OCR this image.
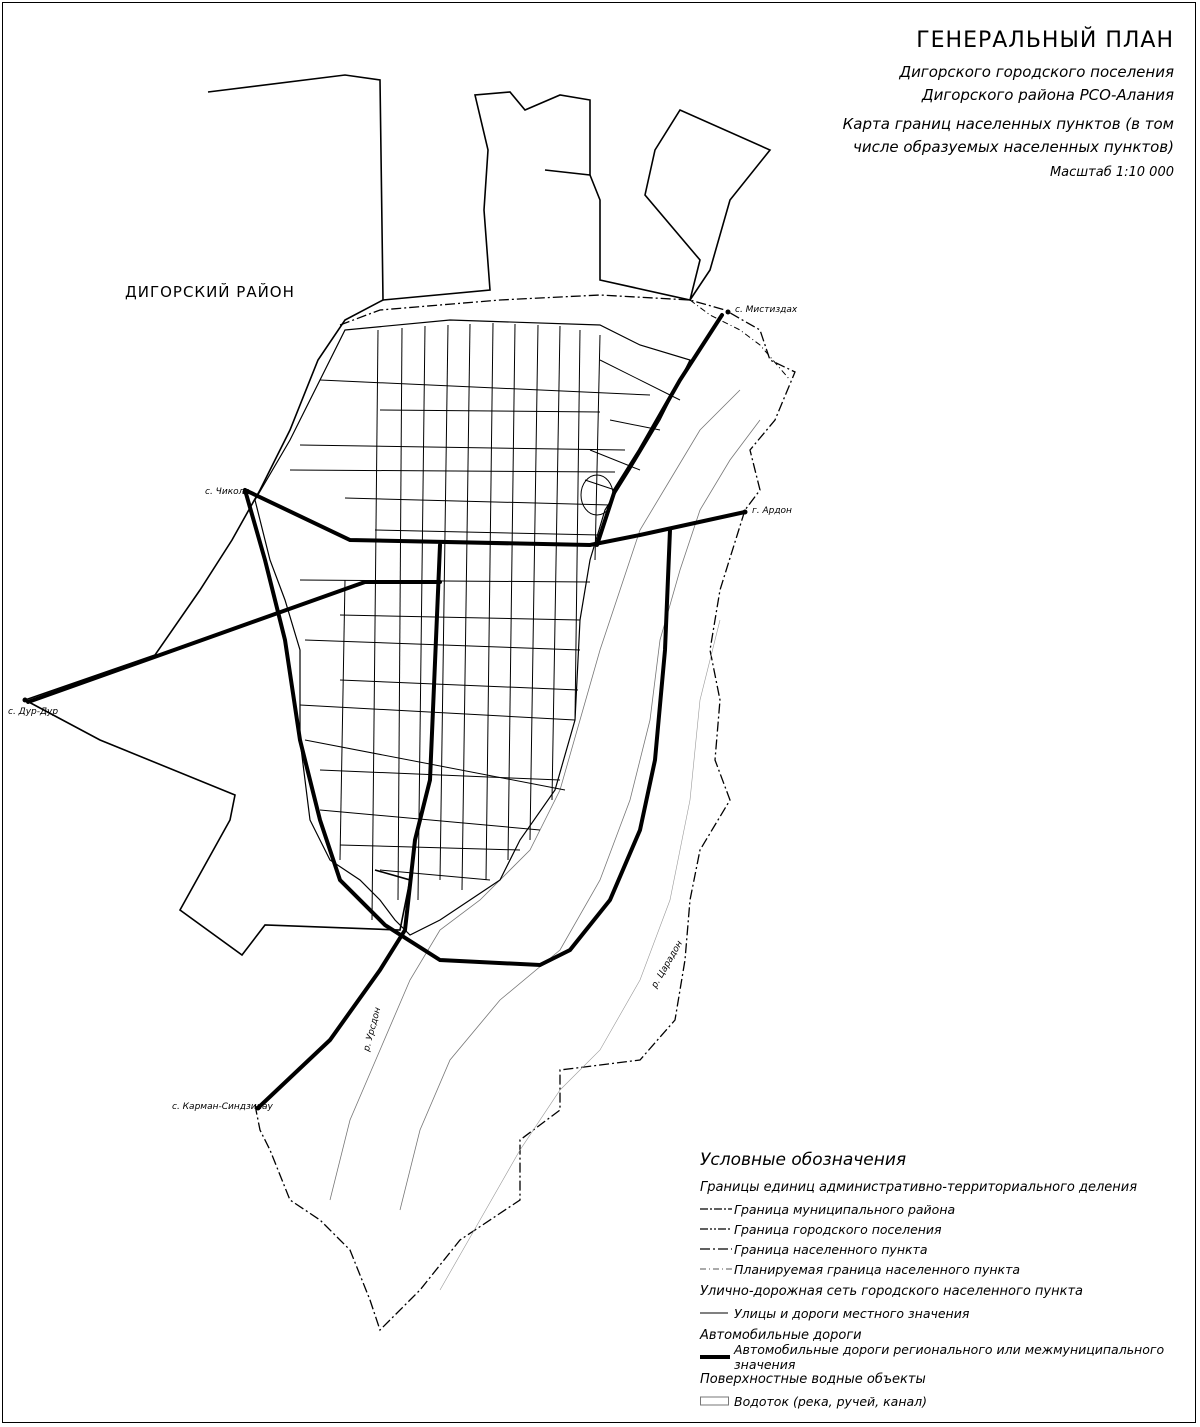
ГЕНЕРАЛЬНЫЙ ПЛАН
Дигорского городского поселения
Дигорского района РСО-Алания
Карта границ населенных пунктов (в том
числе образуемых населенных пунктов)
Масштаб 1:10 000
ДИГОРСКИЙ РАЙОН
с. Мистиздах
с. Чикола
г. Ардон
с. Дур-Дур
с. Карман-Синдзикау
р. Урсдон
р. Царадон
Условные обозначения
Границы единиц административно-территориального деления
Граница муниципального района
Граница городского поселения
Граница населенного пункта
Планируемая граница населенного пункта
Улично-дорожная сеть городского населенного пункта
Улицы и дороги местного значения
Автомобильные дороги
Автомобильные дороги регионального или межмуниципального значения
Поверхностные водные объекты
Водоток (река, ручей, канал)
